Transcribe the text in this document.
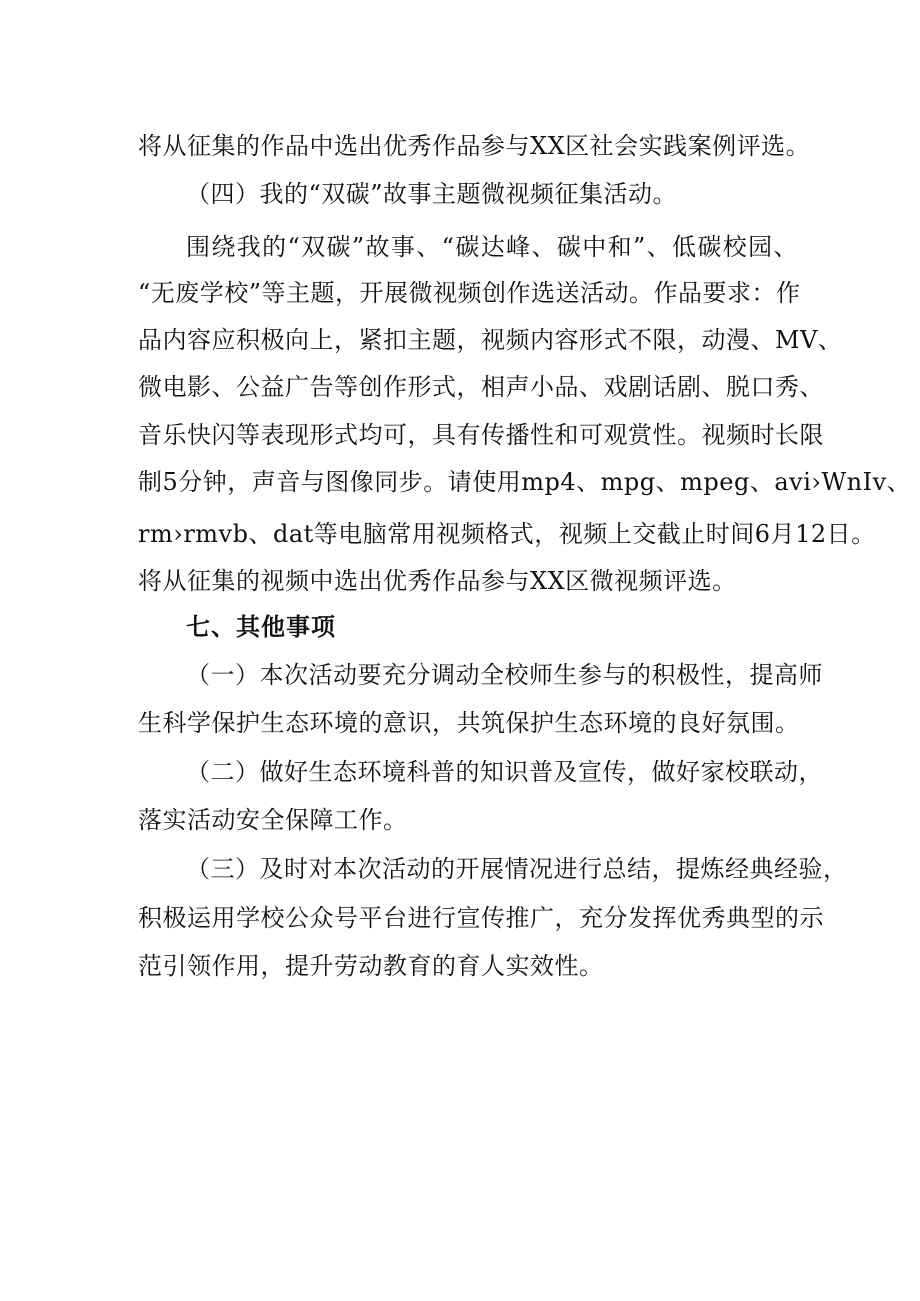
将从征集的作品中选出优秀作品参与XX区社会实践案例评选。
（四）我的“双碳”故事主题微视频征集活动。
围绕我的“双碳”故事、“碳达峰、碳中和”、低碳校园、
“无废学校”等主题，开展微视频创作选送活动。作品要求：作
品内容应积极向上，紧扣主题，视频内容形式不限，动漫、MV、
微电影、公益广告等创作形式，相声小品、戏剧话剧、脱口秀、
音乐快闪等表现形式均可，具有传播性和可观赏性。视频时长限
制5分钟，声音与图像同步。请使用mp4、mpg、mpeg、avi›WnIv、
rm›rmvb、dat等电脑常用视频格式，视频上交截止时间6月12日。
将从征集的视频中选出优秀作品参与XX区微视频评选。
七、其他事项
（一）本次活动要充分调动全校师生参与的积极性，提高师
生科学保护生态环境的意识，共筑保护生态环境的良好氛围。
（二）做好生态环境科普的知识普及宣传，做好家校联动，
落实活动安全保障工作。
（三）及时对本次活动的开展情况进行总结，提炼经典经验，
积极运用学校公众号平台进行宣传推广，充分发挥优秀典型的示
范引领作用，提升劳动教育的育人实效性。
